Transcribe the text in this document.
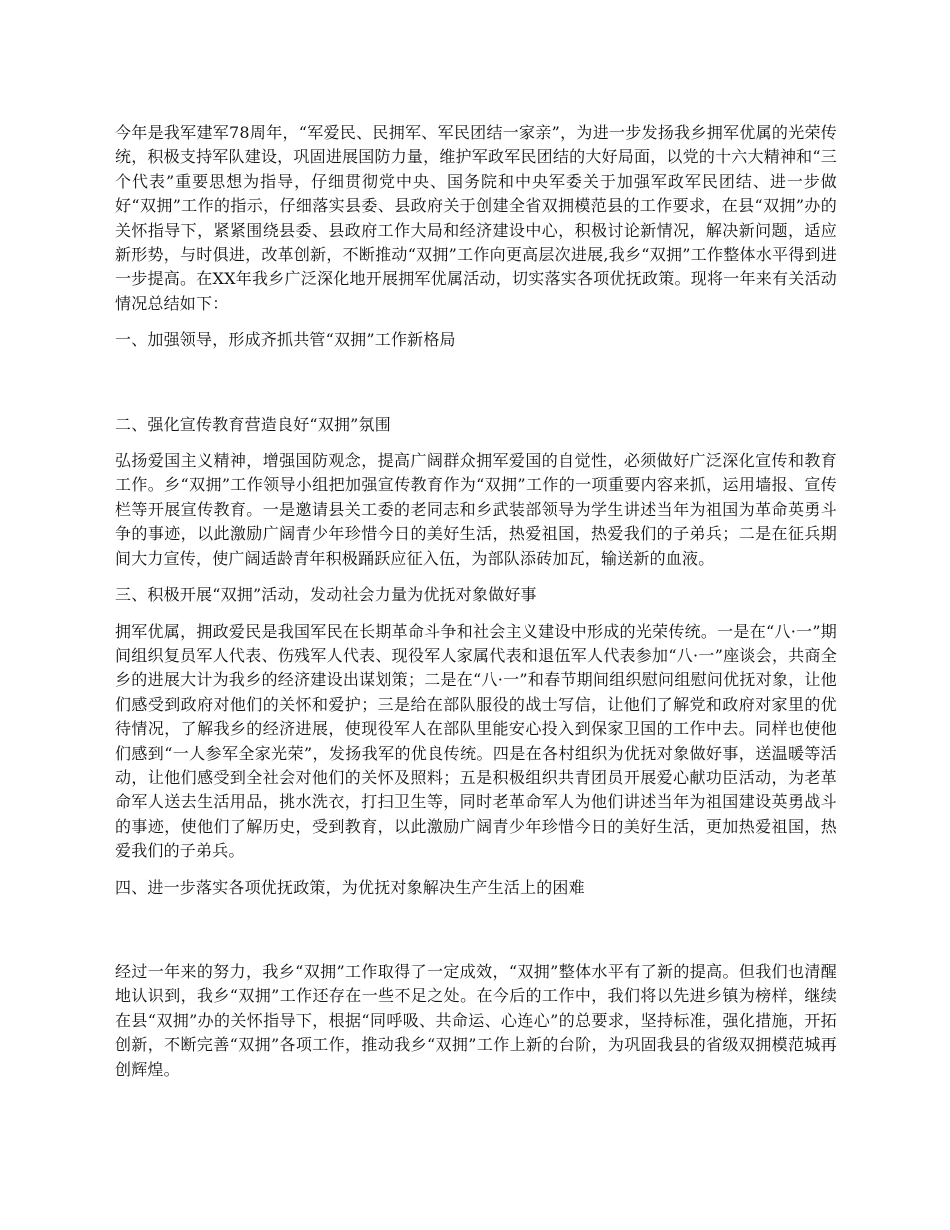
今年是我军建军78周年，“军爱民、民拥军、军民团结一家亲”，为进一步发扬我乡拥军优属的光荣传统，积极支持军队建设，巩固进展国防力量，维护军政军民团结的大好局面，以党的十六大精神和“三个代表”重要思想为指导，仔细贯彻党中央、国务院和中央军委关于加强军政军民团结、进一步做好“双拥”工作的指示，仔细落实县委、县政府关于创建全省双拥模范县的工作要求，在县“双拥”办的关怀指导下，紧紧围绕县委、县政府工作大局和经济建设中心，积极讨论新情况，解决新问题，适应新形势，与时俱进，改革创新，不断推动“双拥”工作向更高层次进展,我乡“双拥”工作整体水平得到进一步提高。在XX年我乡广泛深化地开展拥军优属活动，切实落实各项优抚政策。现将一年来有关活动情况总结如下：

一、加强领导，形成齐抓共管“双拥”工作新格局

二、强化宣传教育营造良好“双拥”氛围

弘扬爱国主义精神，增强国防观念，提高广阔群众拥军爱国的自觉性，必须做好广泛深化宣传和教育工作。乡“双拥”工作领导小组把加强宣传教育作为“双拥”工作的一项重要内容来抓，运用墙报、宣传栏等开展宣传教育。一是邀请县关工委的老同志和乡武装部领导为学生讲述当年为祖国为革命英勇斗争的事迹，以此激励广阔青少年珍惜今日的美好生活，热爱祖国，热爱我们的子弟兵；二是在征兵期间大力宣传，使广阔适龄青年积极踊跃应征入伍，为部队添砖加瓦，输送新的血液。

三、积极开展“双拥”活动，发动社会力量为优抚对象做好事

拥军优属，拥政爱民是我国军民在长期革命斗争和社会主义建设中形成的光荣传统。一是在“八·一”期间组织复员军人代表、伤残军人代表、现役军人家属代表和退伍军人代表参加“八·一”座谈会，共商全乡的进展大计为我乡的经济建设出谋划策；二是在“八·一”和春节期间组织慰问组慰问优抚对象，让他们感受到政府对他们的关怀和爱护；三是给在部队服役的战士写信，让他们了解党和政府对家里的优待情况，了解我乡的经济进展，使现役军人在部队里能安心投入到保家卫国的工作中去。同样也使他们感到“一人参军全家光荣”，发扬我军的优良传统。四是在各村组织为优抚对象做好事，送温暖等活动，让他们感受到全社会对他们的关怀及照料；五是积极组织共青团员开展爱心献功臣活动，为老革命军人送去生活用品，挑水洗衣，打扫卫生等，同时老革命军人为他们讲述当年为祖国建设英勇战斗的事迹，使他们了解历史，受到教育，以此激励广阔青少年珍惜今日的美好生活，更加热爱祖国，热爱我们的子弟兵。

四、进一步落实各项优抚政策，为优抚对象解决生产生活上的困难

经过一年来的努力，我乡“双拥”工作取得了一定成效，“双拥”整体水平有了新的提高。但我们也清醒地认识到，我乡“双拥”工作还存在一些不足之处。在今后的工作中，我们将以先进乡镇为榜样，继续在县“双拥”办的关怀指导下，根据“同呼吸、共命运、心连心”的总要求，坚持标准，强化措施，开拓创新，不断完善“双拥”各项工作，推动我乡“双拥”工作上新的台阶，为巩固我县的省级双拥模范城再创辉煌。
